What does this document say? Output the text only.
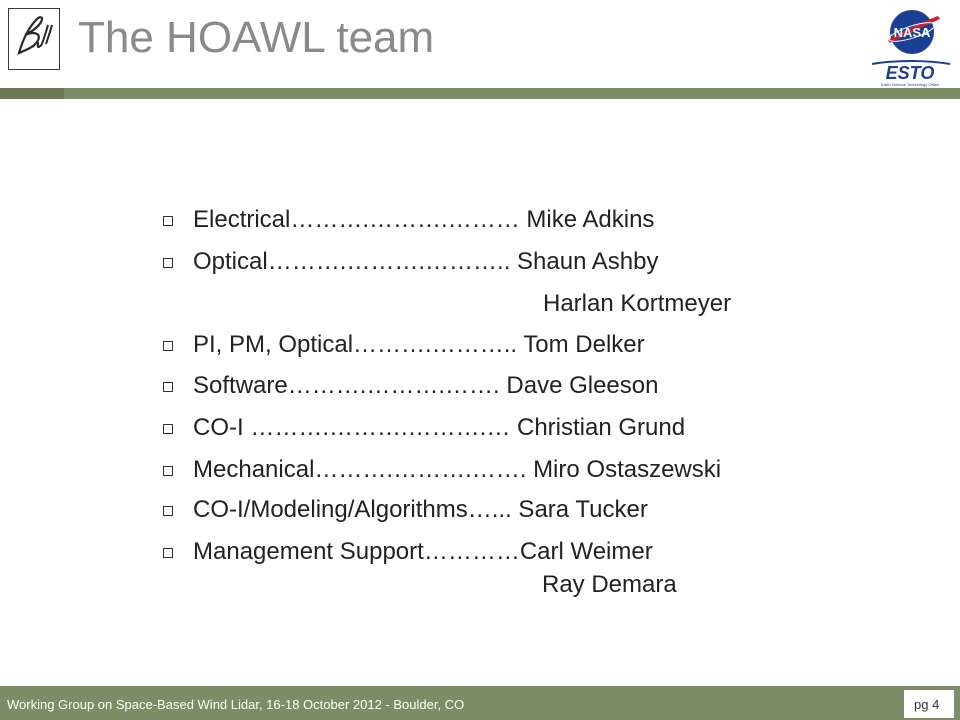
The HOAWL team	NASA
ESTO
Earth Science Technology Office
Electrical……….……….……… Mike Adkins
Optical……….……….……….. Shaun Ashby
Harlan Kortmeyer
PI, PM, Optical……….……….. Tom Delker
Software……….……….……. Dave Gleeson
CO-I ……….……….……….… Christian Grund
Mechanical……….……….……. Miro Ostaszewski
CO-I/Modeling/Algorithms…... Sara Tucker
Management Support…………Carl Weimer
Ray Demara
Working Group on Space-Based Wind Lidar, 16-18 October 2012 - Boulder, CO	pg 4
